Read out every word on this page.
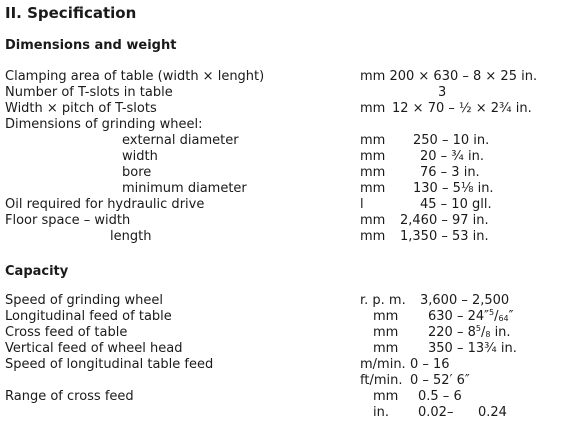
II. Specification
Dimensions and weight
Clamping area of table (width × lenght)	mm 200 × 630 – 8 × 25 in.
Number of T-slots in table	3
Width × pitch of T-slots	mm 12 × 70 – ½ × 2¾ in.
Dimensions of grinding wheel:
external diameter	mm 250 – 10 in.
width	mm	20 – ¾ in.
bore	mm	76 – 3 in.
minimum diameter	mm 130 – 5⅛ in.
Oil required for hydraulic drive	l	45 – 10 gll.
Floor space – width	mm 2,460 – 97 in.
length	mm 1,350 – 53 in.
Capacity
Speed of grinding wheel	r. p. m. 3,600 – 2,500
Longitudinal feed of table	mm $630 - 24''^5/_{64}''$
Cross feed of table	mm $220 - 8^5/_8$ in.
Vertical feed of wheel head	mm 350 – 13¾ in.
Speed of longitudinal table feed	m/min. 0 – 16
ft/min. 0 – 52′ 6″
Range of cross feed	mm 0.5 – 6
in. 0.02– 0.24
